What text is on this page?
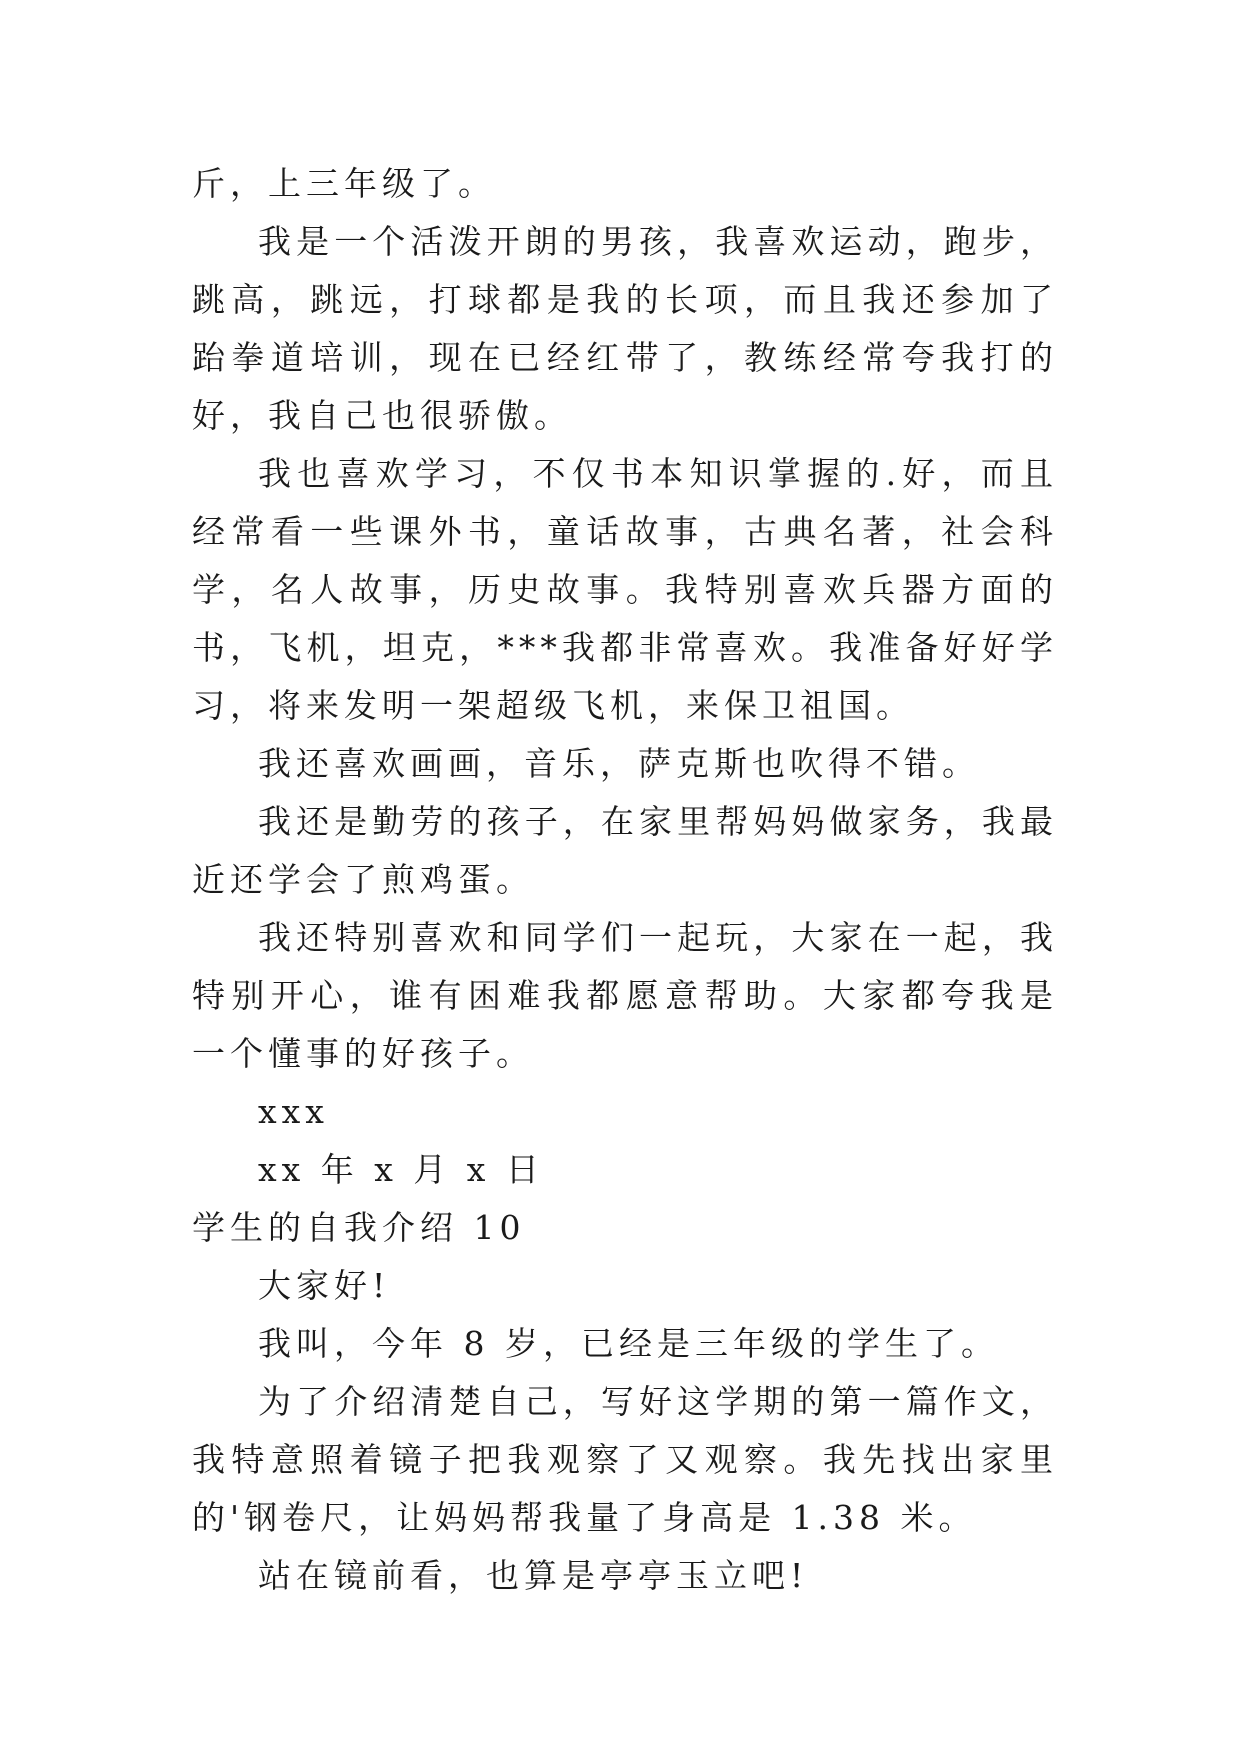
斤，上三年级了。

我是一个活泼开朗的男孩，我喜欢运动，跑步，跳高，跳远，打球都是我的长项，而且我还参加了跆拳道培训，现在已经红带了，教练经常夸我打的好，我自己也很骄傲。

我也喜欢学习，不仅书本知识掌握的.好，而且经常看一些课外书，童话故事，古典名著，社会科学，名人故事，历史故事。我特别喜欢兵器方面的书，飞机，坦克，***我都非常喜欢。我准备好好学习，将来发明一架超级飞机，来保卫祖国。

我还喜欢画画，音乐，萨克斯也吹得不错。

我还是勤劳的孩子，在家里帮妈妈做家务，我最近还学会了煎鸡蛋。

我还特别喜欢和同学们一起玩，大家在一起，我特别开心，谁有困难我都愿意帮助。大家都夸我是一个懂事的好孩子。

xxx

xx 年 x 月 x 日

学生的自我介绍 10

大家好!

我叫，今年 8 岁，已经是三年级的学生了。

为了介绍清楚自己，写好这学期的第一篇作文，我特意照着镜子把我观察了又观察。我先找出家里的'钢卷尺，让妈妈帮我量了身高是 1.38 米。

站在镜前看，也算是亭亭玉立吧!
